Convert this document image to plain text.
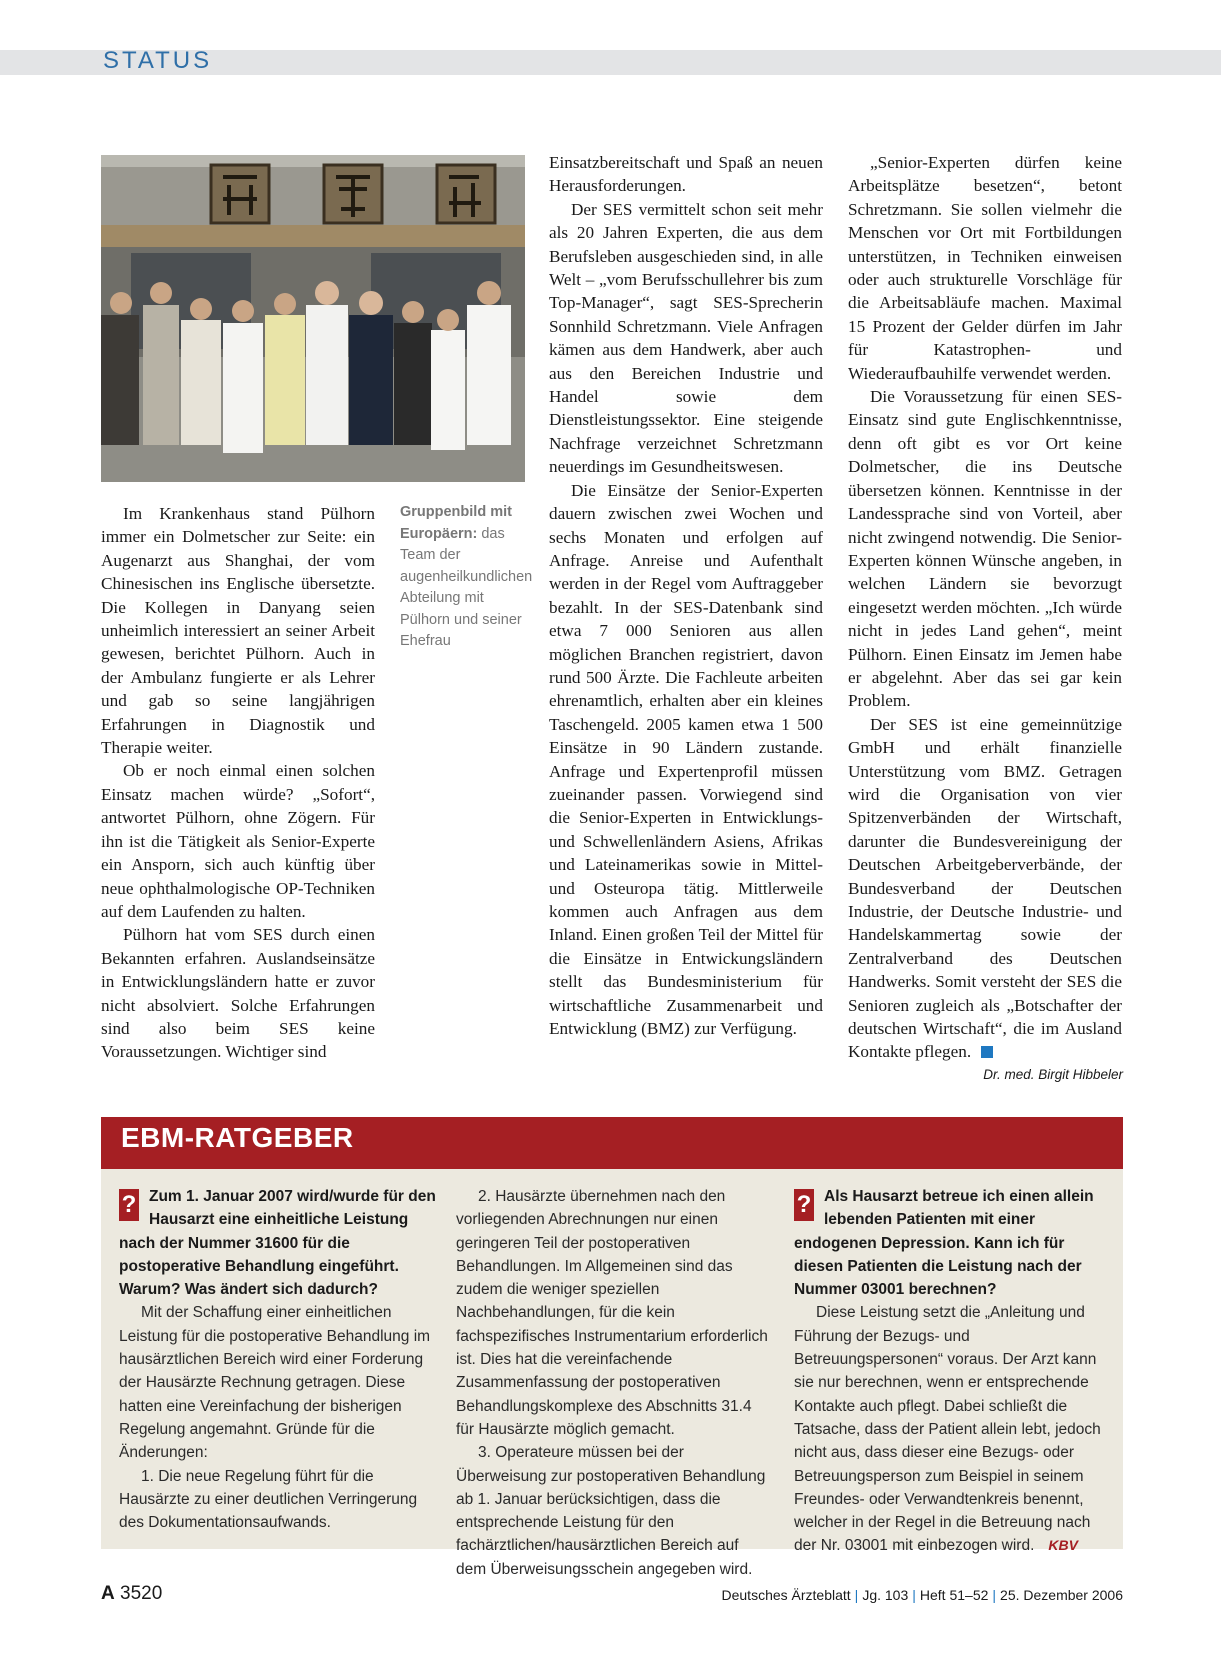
STATUS

Im Krankenhaus stand Pülhorn immer ein Dolmetscher zur Seite: ein Augenarzt aus Shanghai, der vom Chinesischen ins Englische übersetzte. Die Kollegen in Danyang seien unheimlich interessiert an seiner Arbeit gewesen, berichtet Pülhorn. Auch in der Ambulanz fungierte er als Lehrer und gab so seine langjährigen Erfahrungen in Diagnostik und Therapie weiter.

Ob er noch einmal einen solchen Einsatz machen würde? „Sofort“, antwortet Pülhorn, ohne Zögern. Für ihn ist die Tätigkeit als Senior-Experte ein Ansporn, sich auch künftig über neue ophthalmologische OP-Techniken auf dem Laufenden zu halten.

Pülhorn hat vom SES durch einen Bekannten erfahren. Auslandseinsätze in Entwicklungsländern hatte er zuvor nicht absolviert. Solche Erfahrungen sind also beim SES keine Voraussetzungen. Wichtiger sind

Gruppenbild mit Europäern: das Team der augenheilkundlichen Abteilung mit Pülhorn und seiner Ehefrau

Einsatzbereitschaft und Spaß an neuen Herausforderungen.

Der SES vermittelt schon seit mehr als 20 Jahren Experten, die aus dem Berufsleben ausgeschieden sind, in alle Welt – „vom Berufsschullehrer bis zum Top-Manager“, sagt SES-Sprecherin Sonnhild Schretzmann. Viele Anfragen kämen aus dem Handwerk, aber auch aus den Bereichen Industrie und Handel sowie dem Dienstleistungssektor. Eine steigende Nachfrage verzeichnet Schretzmann neuerdings im Gesundheitswesen.

Die Einsätze der Senior-Experten dauern zwischen zwei Wochen und sechs Monaten und erfolgen auf Anfrage. Anreise und Aufenthalt werden in der Regel vom Auftraggeber bezahlt. In der SES-Datenbank sind etwa 7 000 Senioren aus allen möglichen Branchen registriert, davon rund 500 Ärzte. Die Fachleute arbeiten ehrenamtlich, erhalten aber ein kleines Taschengeld. 2005 kamen etwa 1 500 Einsätze in 90 Ländern zustande. Anfrage und Expertenprofil müssen zueinander passen. Vorwiegend sind die Senior-Experten in Entwicklungs- und Schwellenländern Asiens, Afrikas und Lateinamerikas sowie in Mittel- und Osteuropa tätig. Mittlerweile kommen auch Anfragen aus dem Inland. Einen großen Teil der Mittel für die Einsätze in Entwickungsländern stellt das Bundesministerium für wirtschaftliche Zusammenarbeit und Entwicklung (BMZ) zur Verfügung.

„Senior-Experten dürfen keine Arbeitsplätze besetzen“, betont Schretzmann. Sie sollen vielmehr die Menschen vor Ort mit Fortbildungen unterstützen, in Techniken einweisen oder auch strukturelle Vorschläge für die Arbeitsabläufe machen. Maximal 15 Prozent der Gelder dürfen im Jahr für Katastrophen- und Wiederaufbauhilfe verwendet werden.

Die Voraussetzung für einen SES-Einsatz sind gute Englischkenntnisse, denn oft gibt es vor Ort keine Dolmetscher, die ins Deutsche übersetzen können. Kenntnisse in der Landessprache sind von Vorteil, aber nicht zwingend notwendig. Die Senior-Experten können Wünsche angeben, in welchen Ländern sie bevorzugt eingesetzt werden möchten. „Ich würde nicht in jedes Land gehen“, meint Pülhorn. Einen Einsatz im Jemen habe er abgelehnt. Aber das sei gar kein Problem.

Der SES ist eine gemeinnützige GmbH und erhält finanzielle Unterstützung vom BMZ. Getragen wird die Organisation von vier Spitzenverbänden der Wirtschaft, darunter die Bundesvereinigung der Deutschen Arbeitgeberverbände, der Bundesverband der Deutschen Industrie, der Deutsche Industrie- und Handelskammertag sowie der Zentralverband des Deutschen Handwerks. Somit versteht der SES die Senioren zugleich als „Botschafter der deutschen Wirtschaft“, die im Ausland Kontakte pflegen.

Dr. med. Birgit Hibbeler
EBM-RATGEBER

? Zum 1. Januar 2007 wird/wurde für den Hausarzt eine einheitliche Leistung nach der Nummer 31600 für die postoperative Behandlung eingeführt. Warum? Was ändert sich dadurch?

Mit der Schaffung einer einheitlichen Leistung für die postoperative Behandlung im hausärztlichen Bereich wird einer Forderung der Hausärzte Rechnung getragen. Diese hatten eine Vereinfachung der bisherigen Regelung angemahnt. Gründe für die Änderungen:

1. Die neue Regelung führt für die Hausärzte zu einer deutlichen Verringerung des Dokumentationsaufwands.

2. Hausärzte übernehmen nach den vorliegenden Abrechnungen nur einen geringeren Teil der postoperativen Behandlungen. Im Allgemeinen sind das zudem die weniger speziellen Nachbehandlungen, für die kein fachspezifisches Instrumentarium erforderlich ist. Dies hat die vereinfachende Zusammenfassung der postoperativen Behandlungskomplexe des Abschnitts 31.4 für Hausärzte möglich gemacht.

3. Operateure müssen bei der Überweisung zur postoperativen Behandlung ab 1. Januar berücksichtigen, dass die entsprechende Leistung für den fachärztlichen/hausärztlichen Bereich auf dem Überweisungsschein angegeben wird.

? Als Hausarzt betreue ich einen allein lebenden Patienten mit einer endogenen Depression. Kann ich für diesen Patienten die Leistung nach der Nummer 03001 berechnen?

Diese Leistung setzt die „Anleitung und Führung der Bezugs- und Betreuungspersonen“ voraus. Der Arzt kann sie nur berechnen, wenn er entsprechende Kontakte auch pflegt. Dabei schließt die Tatsache, dass der Patient allein lebt, jedoch nicht aus, dass dieser eine Bezugs- oder Betreuungsperson zum Beispiel in seinem Freundes- oder Verwandtenkreis benennt, welcher in der Regel in die Betreuung nach der Nr. 03001 mit einbezogen wird. KBV

A 3520	Deutsches Ärzteblatt | Jg. 103 | Heft 51–52 | 25. Dezember 2006
